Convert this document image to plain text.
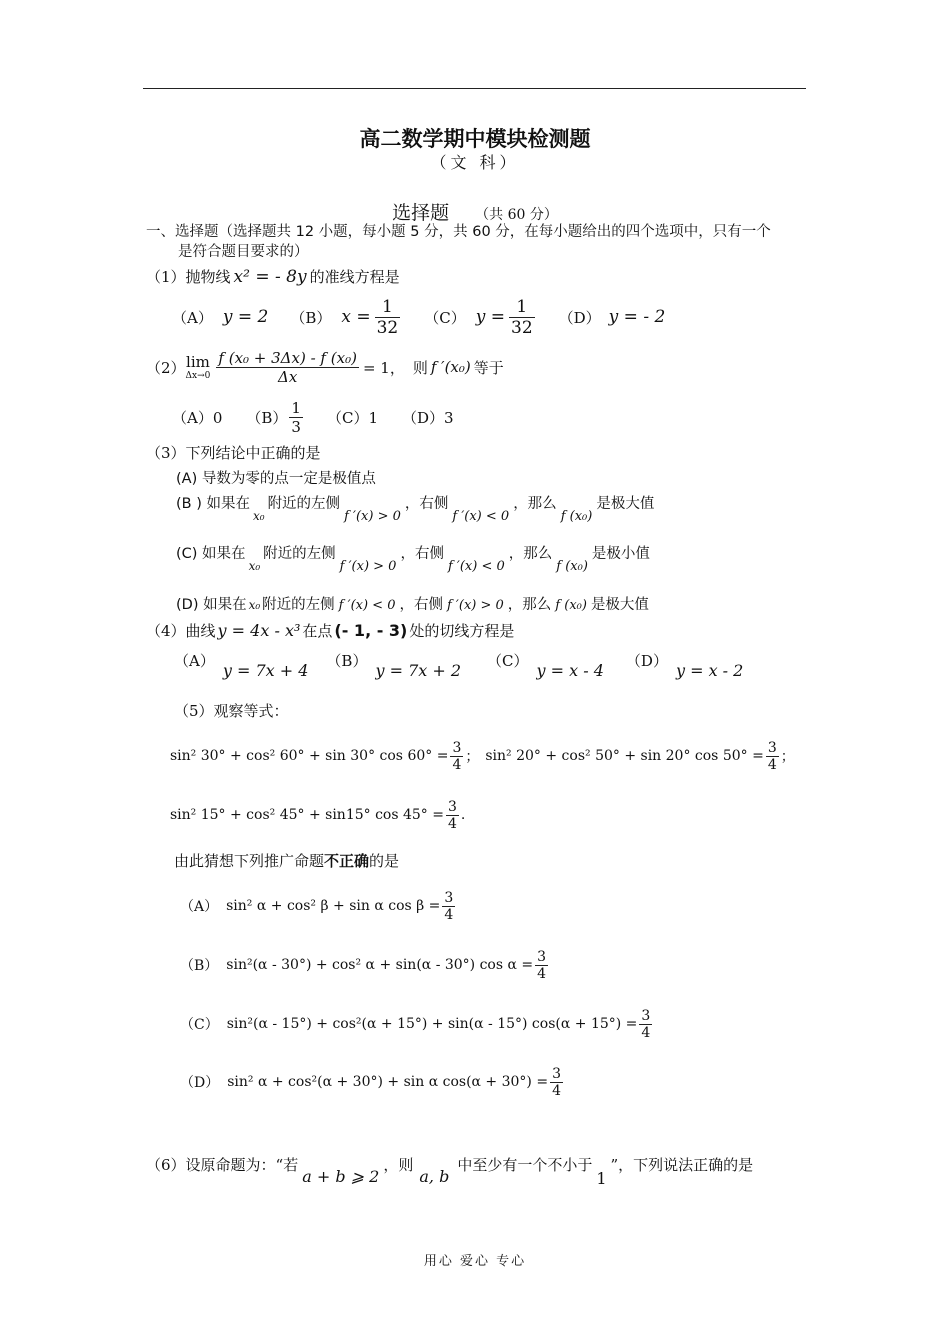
高二数学期中模块检测题
（文 科）
选择题 （共 60 分）
一、选择题（选择题共 12 小题，每小题 5 分，共 60 分，在每小题给出的四个选项中，只有一个
是符合题目要求的）
（1）抛物线 x² = - 8y 的准线方程是
（A） y = 2 （B） $x = \frac{1}{32} (C) y = \frac{1}{32} (D) y$ = - 2
（2） lim
$\Delta x\to 0 \frac{\text{f (x₀ + 3Δx) - f (x₀)}}{\Delta x} = 1$， 则 f ′(x₀) 等于
（A）0 $(B) \frac{1}{3} (C)1$ （D）3
（3）下列结论中正确的是
(A) 导数为零的点一定是极值点
(B ) 如果在$_{x_0}$附近的左侧f ′(x) > 0，右侧f ′(x) < 0，那么f (x₀)是极大值
(C) 如果在$_{x_0}$附近的左侧f ′(x) > 0，右侧f ′(x) < 0，那么f (x₀)是极小值
(D) 如果在 x₀ 附近的左侧 f ′(x) < 0 ，右侧 f ′(x) > 0 ，那么 f (x₀) 是极大值
（4）曲线 y = 4x - x³ 在点 (- 1, - 3) 处的切线方程是
（A） y = 7x + 4 （B） y = 7x + 2 （C） y = x - 4 （D） y = x - 2
（5）观察等式：
sin² 30° + cos² 60° + sin 30° $\cos 60^\circ = \frac{3}{4}$ ； sin² 20° + cos² 50° + sin 20° $\cos 50^\circ = \frac{3}{4}$ ；
sin² 15° + cos² 45° + sin15° $\cos 45^\circ = \frac{3}{4}$ .
由此猜想下列推广命题不正确的是
（A） sin² α + cos² β + sin α $\cos \beta = \frac{3}{4}$
（B） sin²(α - 30°) + cos² α + sin(α - 30°) $\cos \alpha = \frac{3}{4}$
（C） sin²(α - 15°) + cos²(α + 15°) + sin(α - 15°) $\cos(\alpha + 15^\circ) = \frac{3}{4}$
（D） sin² α + cos²(α + 30°) + sin α $\cos(\alpha + 30^\circ) = \frac{3}{4}$
（6）设原命题为：“若a + b ⩾ 2，则a, b中至少有一个不小于1”，下列说法正确的是
用心 爱心 专心
